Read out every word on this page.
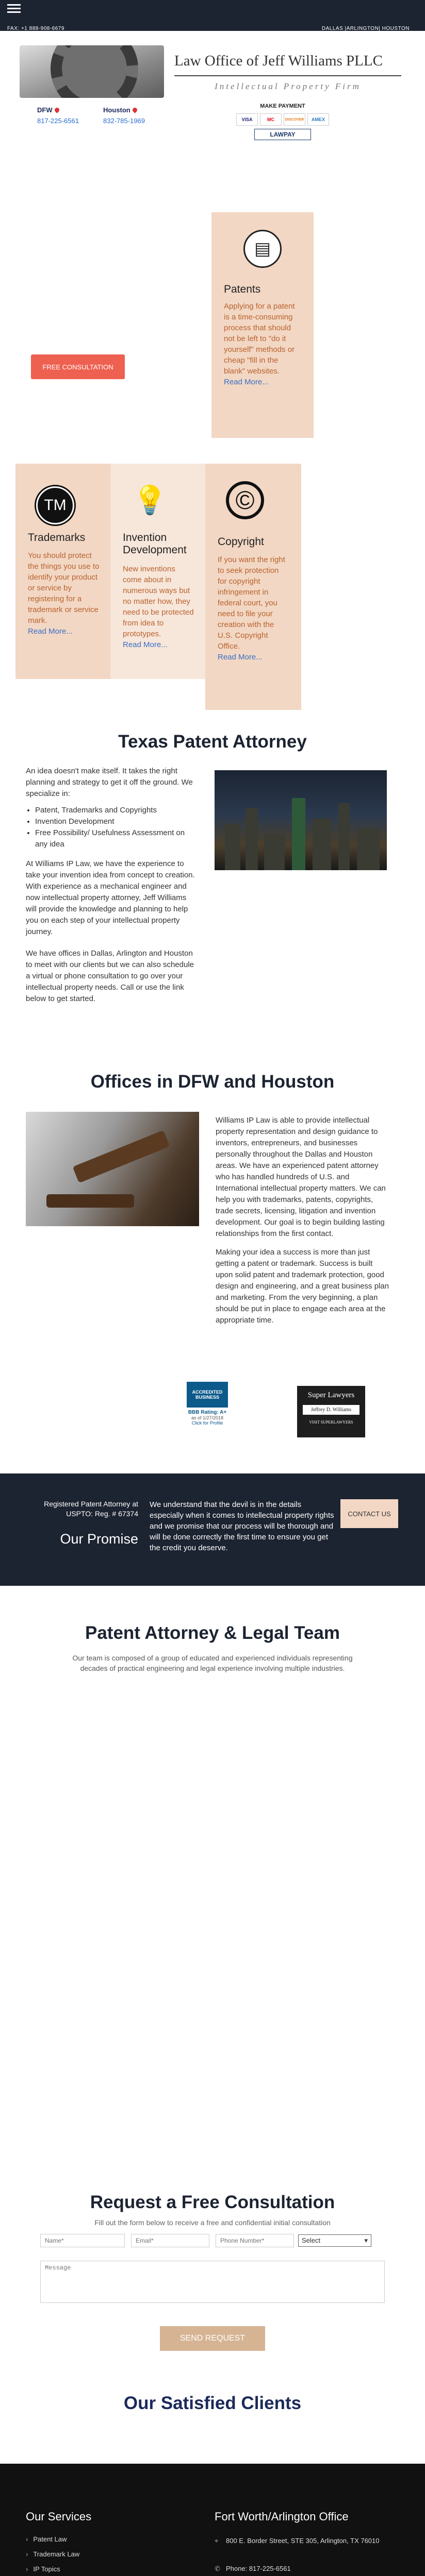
FAX: +1 888-908-6679	DALLAS |ARLINGTON| HOUSTON
Law Office of Jeff Williams PLLC
Intellectual Property Firm
DFW
817-225-6561
Houston
832-785-1969
MAKE PAYMENT
VISA	MC	DISCOVER	AMEX
LAWPAY
FREE CONSULTATION
▤
Patents
Applying for a patent is a time-consuming process that should not be left to "do it yourself" methods or cheap "fill in the blank" websites.
Read More...
TM
Trademarks
You should protect the things you use to identify your product or service by registering for a trademark or service mark.
Read More...
💡
Invention Development
New inventions come about in numerous ways but no matter how, they need to be protected from idea to prototypes.
Read More...
©
Copyright
If you want the right to seek protection for copyright infringement in federal court, you need to file your creation with the U.S. Copyright Office.
Read More...
Texas Patent Attorney

An idea doesn't make itself. It takes the right planning and strategy to get it off the ground. We specialize in:

• Patent, Trademarks and Copyrights
• Invention Development
• Free Possibility/ Usefulness Assessment on any idea

At Williams IP Law, we have the experience to take your invention idea from concept to creation. With experience as a mechanical engineer and now intellectual property attorney, Jeff Williams will provide the knowledge and planning to help you on each step of your intellectual property journey.

We have offices in Dallas, Arlington and Houston to meet with our clients but we can also schedule a virtual or phone consultation to go over your intellectual property needs. Call or use the link below to get started.

Offices in DFW and Houston

Williams IP Law is able to provide intellectual property representation and design guidance to inventors, entrepreneurs, and businesses personally throughout the Dallas and Houston areas. We have an experienced patent attorney who has handled hundreds of U.S. and International intellectual property matters. We can help you with trademarks, patents, copyrights, trade secrets, licensing, litigation and invention development. Our goal is to begin building lasting relationships from the first contact.

Making your idea a success is more than just getting a patent or trademark. Success is built upon solid patent and trademark protection, good design and engineering, and a great business plan and marketing. From the very beginning, a plan should be put in place to engage each area at the appropriate time.

ACCREDITED BUSINESS
BBB Rating: A+
as of 1/27/2018
Click for Profile
Super Lawyers
Jeffrey D. Williams
VISIT SUPERLAWYERS
Registered Patent Attorney at USPTO: Reg. # 67374
Our Promise
We understand that the devil is in the details especially when it comes to intellectual property rights and we promise that our process will be thorough and will be done correctly the first time to ensure you get the credit you deserve.
CONTACT US
Patent Attorney & Legal Team
Our team is composed of a group of educated and experienced individuals representing decades of practical engineering and legal experience involving multiple industries.
Request a Free Consultation
Fill out the form below to receive a free and confidential initial consultation
Name*
Email*
Phone Number*
Select	▾
Message
SEND REQUEST
Our Satisfied Clients
Our Services
› Patent Law
› Trademark Law
› IP Topics
Fort Worth/Arlington Office
⌖ 800 E. Border Street, STE 305, Arlington, TX 76010
✆ Phone: 817-225-6561
